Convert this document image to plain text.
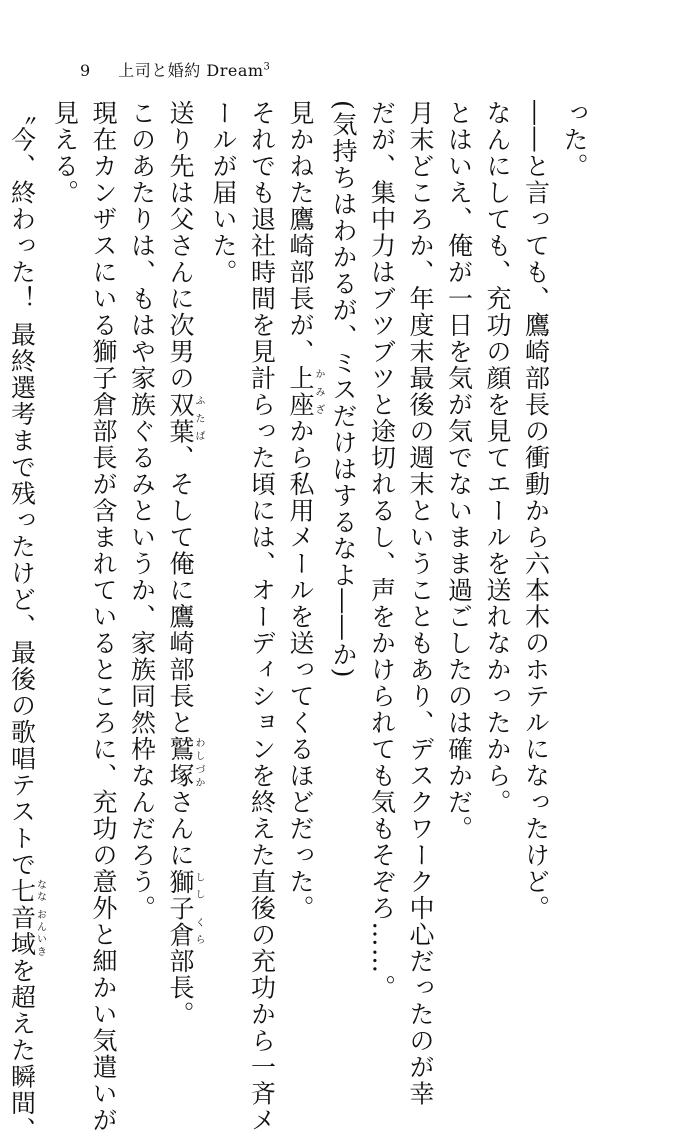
9 上司と婚約 Dream$^3$
った。
――と言っても、鷹崎部長の衝動から六本木のホテルになったけど。
なんにしても、充功の顔を見てエールを送れなかったから。
とはいえ、俺が一日を気が気でないまま過ごしたのは確かだ。
月末どころか、年度末最後の週末ということもあり、デスクワーク中心だったのが幸
だが、集中力はブツブツと途切れるし、声をかけられても気もそぞろ……。
(気持ちはわかるが、ミスだけはするなよ――か)
見かねた鷹崎部長が、上座かみざから私用メールを送ってくるほどだった。
それでも退社時間を見計らった頃には、オーディションを終えた直後の充功から一斉メ
ールが届いた。
送り先は父さんに次男の双葉ふたば、そして俺に鷹崎部長と鷲塚わしづかさんに獅子倉しし くら部長。
このあたりは、もはや家族ぐるみというか、家族同然枠なんだろう。
現在カンザスにいる獅子倉部長が含まれているところに、充功の意外と細かい気遣いが
見える。
〝今、終わった！ 最終選考まで残ったけど、最後の歌唱テストで七音域なな おんいきを超えた瞬間、
